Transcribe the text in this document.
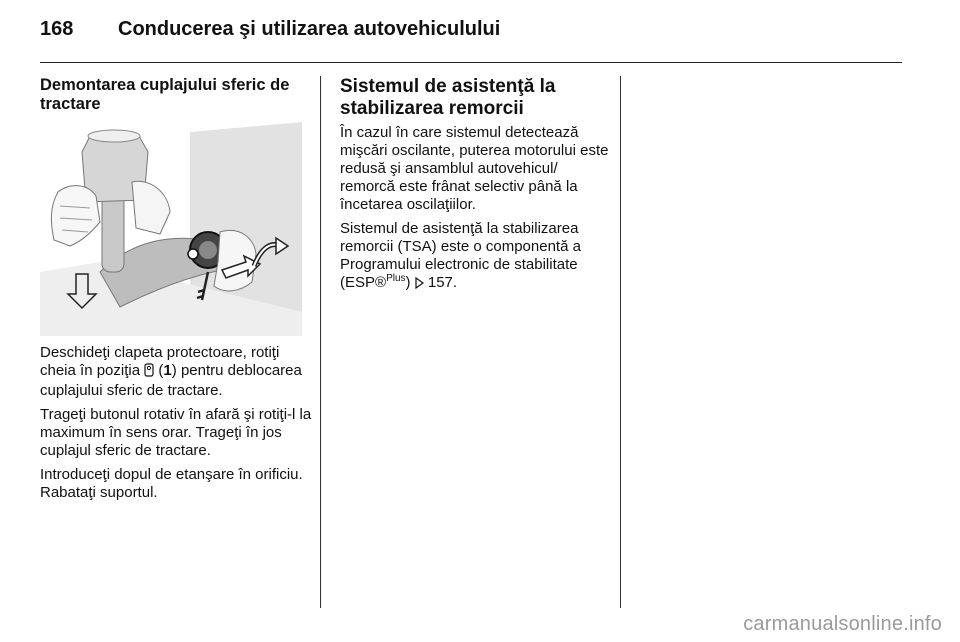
168 Conducerea şi utilizarea autovehiculului
Demontarea cuplajului sferic de tractare

Deschideţi clapeta protectoare, rotiţi cheia în poziţia  (1) pentru deblocarea cuplajului sferic de tractare.

Trageţi butonul rotativ în afară şi rotiţi-l la maximum în sens orar. Trageţi în jos cuplajul sferic de tractare.

Introduceţi dopul de etanşare în orificiu. Rabataţi suportul.

Sistemul de asistenţă la stabilizarea remorcii

În cazul în care sistemul detectează mişcări oscilante, puterea motorului este redusă şi ansamblul autovehicul/ remorcă este frânat selectiv până la încetarea oscilaţiilor.

Sistemul de asistenţă la stabilizarea remorcii (TSA) este o componentă a Programului electronic de stabilitate (ESP®$^{Plus}$) 157.

carmanualsonline.info
